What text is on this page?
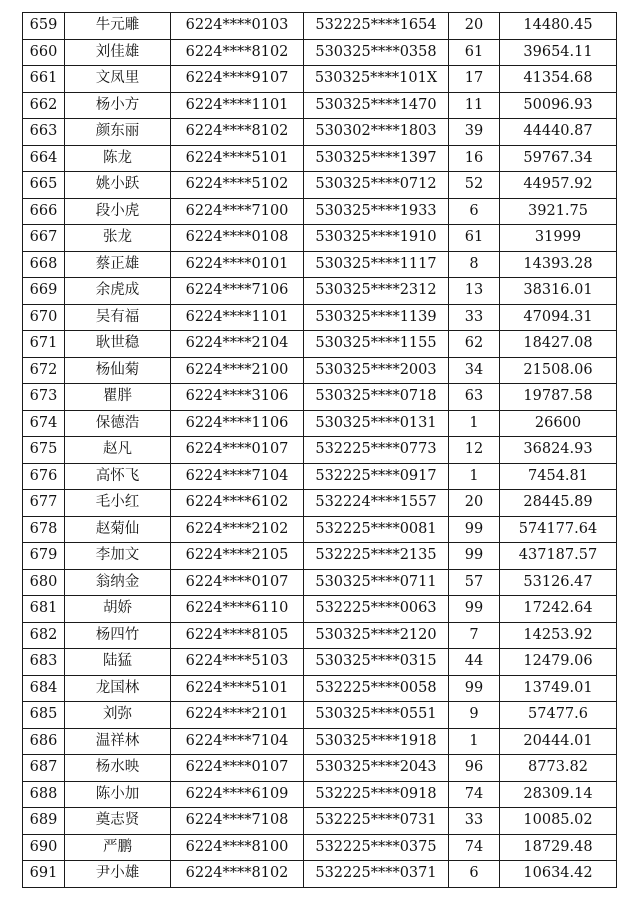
659	牛元雕	6224****0103	532225****1654	20	14480.45
660	刘佳雄	6224****8102	530325****0358	61	39654.11
661	文凤里	6224****9107	530325****101X	17	41354.68
662	杨小方	6224****1101	530325****1470	11	50096.93
663	颜东丽	6224****8102	530302****1803	39	44440.87
664	陈龙	6224****5101	530325****1397	16	59767.34
665	姚小跃	6224****5102	530325****0712	52	44957.92
666	段小虎	6224****7100	530325****1933	6	3921.75
667	张龙	6224****0108	530325****1910	61	31999
668	蔡正雄	6224****0101	530325****1117	8	14393.28
669	余虎成	6224****7106	530325****2312	13	38316.01
670	吴有福	6224****1101	530325****1139	33	47094.31
671	耿世稳	6224****2104	530325****1155	62	18427.08
672	杨仙菊	6224****2100	530325****2003	34	21508.06
673	瞿胖	6224****3106	530325****0718	63	19787.58
674	保德浩	6224****1106	530325****0131	1	26600
675	赵凡	6224****0107	532225****0773	12	36824.93
676	高怀飞	6224****7104	532225****0917	1	7454.81
677	毛小红	6224****6102	532224****1557	20	28445.89
678	赵菊仙	6224****2102	532225****0081	99	574177.64
679	李加文	6224****2105	532225****2135	99	437187.57
680	翁纳金	6224****0107	530325****0711	57	53126.47
681	胡娇	6224****6110	532225****0063	99	17242.64
682	杨四竹	6224****8105	530325****2120	7	14253.92
683	陆猛	6224****5103	530325****0315	44	12479.06
684	龙国林	6224****5101	532225****0058	99	13749.01
685	刘弥	6224****2101	530325****0551	9	57477.6
686	温祥林	6224****7104	530325****1918	1	20444.01
687	杨水映	6224****0107	530325****2043	96	8773.82
688	陈小加	6224****6109	532225****0918	74	28309.14
689	奠志贤	6224****7108	532225****0731	33	10085.02
690	严鹏	6224****8100	532225****0375	74	18729.48
691	尹小雄	6224****8102	532225****0371	6	10634.42
